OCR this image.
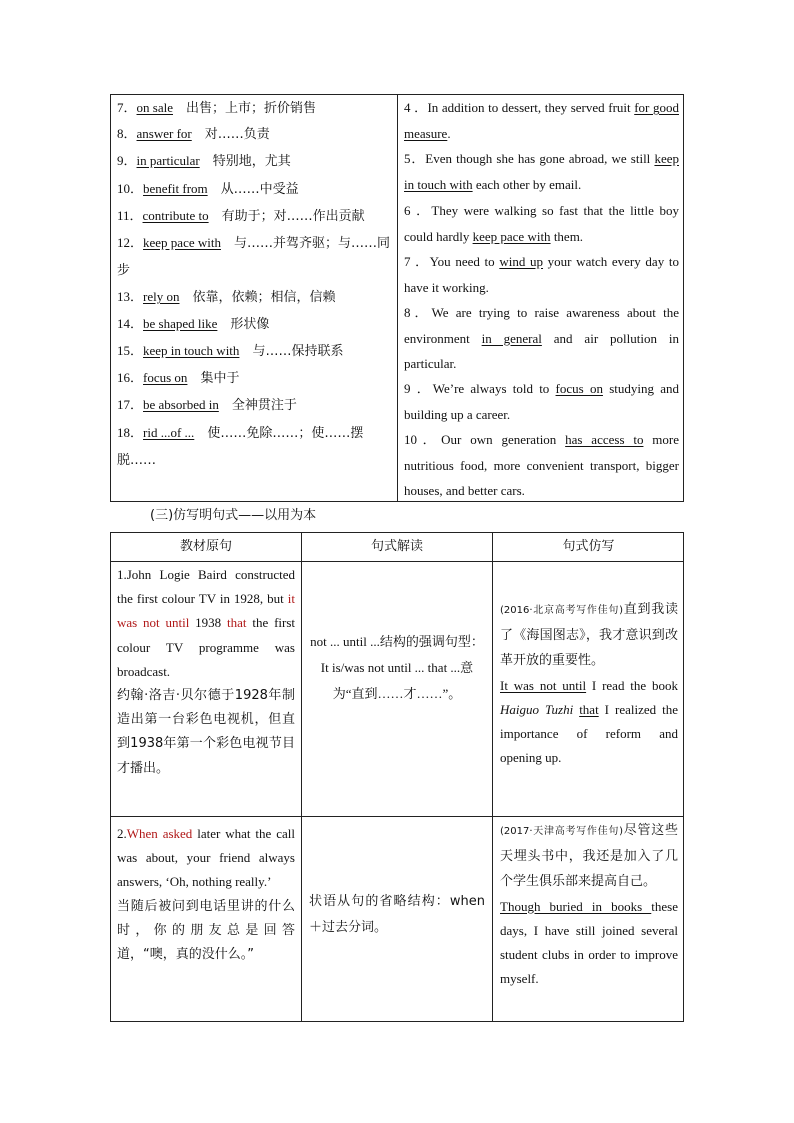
7．on sale　 出售；上市；折价销售
8．answer for　 对……负责
9．in particular　 特别地，尤其
10．benefit from　 从……中受益
11．contribute to　 有助于；对……作出贡献
12．keep pace with　 与……并驾齐驱；与……同步
13．rely on　 依靠，依赖；相信，信赖
14．be shaped like　 形状像
15．keep in touch with　 与……保持联系
16．focus on　 集中于
17．be absorbed in　 全神贯注于
18．rid ...of ...　 使……免除……；使……摆脱……
4 ．In addition to dessert, they served fruit for good measure.
5．Even though she has gone abroad, we still keep in touch with each other by email.
6 ．They were walking so fast that the little boy could hardly keep pace with them.
7 ．You need to wind up your watch every day to have it working.
8．We are trying to raise awareness about the environment in general and air pollution in particular.
9 ．We’re always told to focus on studying and building up a career.
10．Our own generation has access to more nutritious food, more convenient transport, bigger houses, and better cars.
(三)仿写明句式——以用为本
教材原句	句式解读	句式仿写
1.John Logie Baird constructed the first colour TV in 1928, but it was not until 1938 that the first colour TV programme was broadcast.
约翰·洛吉·贝尔德于1928年制造出第一台彩色电视机，但直到1938年第一个彩色电视节目才播出。
not ... until ...结构的强调句型： It is/was not until ... that ...意为“直到……才……”。
(2016·北京高考写作佳句)直到我读了《海国图志》，我才意识到改革开放的重要性。
It was not until I read the book Haiguo Tuzhi that I realized the importance of reform and opening up.
2.When asked later what the call was about, your friend always answers, ‘Oh, nothing really.’
当随后被问到电话里讲的什么时，你的朋友总是回答道，“噢，真的没什么。”
状语从句的省略结构：when＋过去分词。
(2017·天津高考写作佳句)尽管这些天埋头书中，我还是加入了几个学生俱乐部来提高自己。
Though buried in books these days, I have still joined several student clubs in order to improve myself.
